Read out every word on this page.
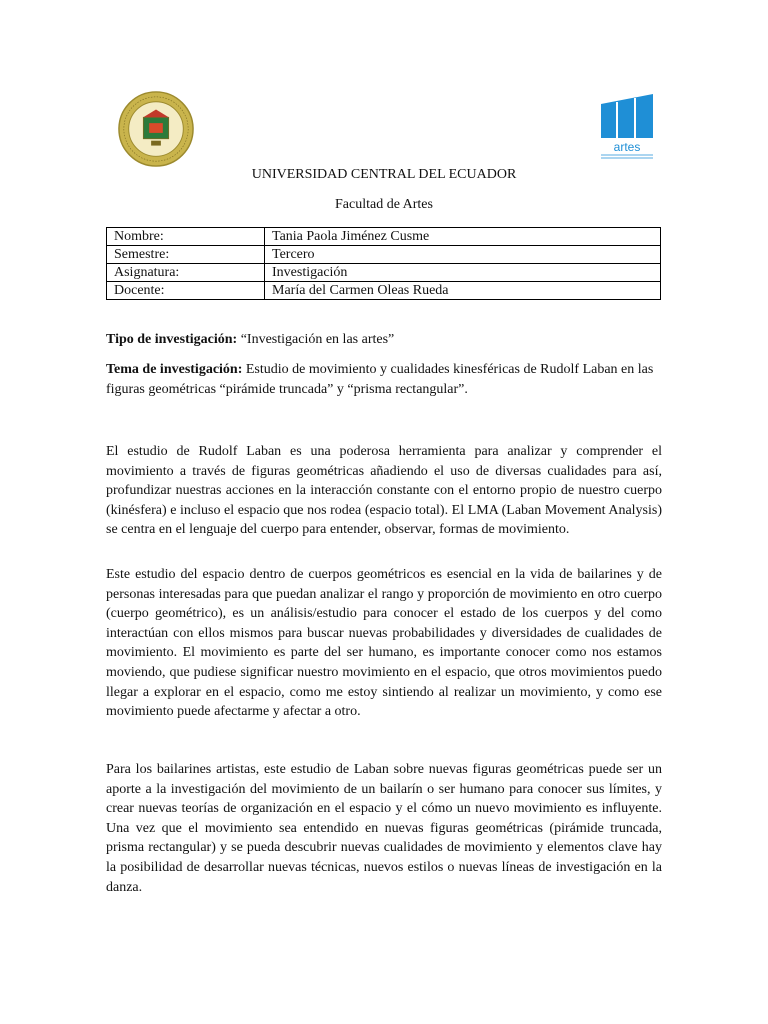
artes
UNIVERSIDAD CENTRAL DEL ECUADOR
Facultad de Artes
Nombre:	Tania Paola Jiménez Cusme
Semestre:	Tercero
Asignatura:	Investigación
Docente:	María del Carmen Oleas Rueda
Tipo de investigación: “Investigación en las artes”
Tema de investigación: Estudio de movimiento y cualidades kinesféricas de Rudolf Laban en las figuras geométricas “pirámide truncada” y “prisma rectangular”.
El estudio de Rudolf Laban es una poderosa herramienta para analizar y comprender el movimiento a través de figuras geométricas añadiendo el uso de diversas cualidades para así, profundizar nuestras acciones en la interacción constante con el entorno propio de nuestro cuerpo (kinésfera) e incluso el espacio que nos rodea (espacio total). El LMA (Laban Movement Analysis) se centra en el lenguaje del cuerpo para entender, observar, formas de movimiento.
Este estudio del espacio dentro de cuerpos geométricos es esencial en la vida de bailarines y de personas interesadas para que puedan analizar el rango y proporción de movimiento en otro cuerpo (cuerpo geométrico), es un análisis/estudio para conocer el estado de los cuerpos y del como interactúan con ellos mismos para buscar nuevas probabilidades y diversidades de cualidades de movimiento. El movimiento es parte del ser humano, es importante conocer como nos estamos moviendo, que pudiese significar nuestro movimiento en el espacio, que otros movimientos puedo llegar a explorar en el espacio, como me estoy sintiendo al realizar un movimiento, y como ese movimiento puede afectarme y afectar a otro.
Para los bailarines artistas, este estudio de Laban sobre nuevas figuras geométricas puede ser un aporte a la investigación del movimiento de un bailarín o ser humano para conocer sus límites, y crear nuevas teorías de organización en el espacio y el cómo un nuevo movimiento es influyente. Una vez que el movimiento sea entendido en nuevas figuras geométricas (pirámide truncada, prisma rectangular) y se pueda descubrir nuevas cualidades de movimiento y elementos clave hay la posibilidad de desarrollar nuevas técnicas, nuevos estilos o nuevas líneas de investigación en la danza.
